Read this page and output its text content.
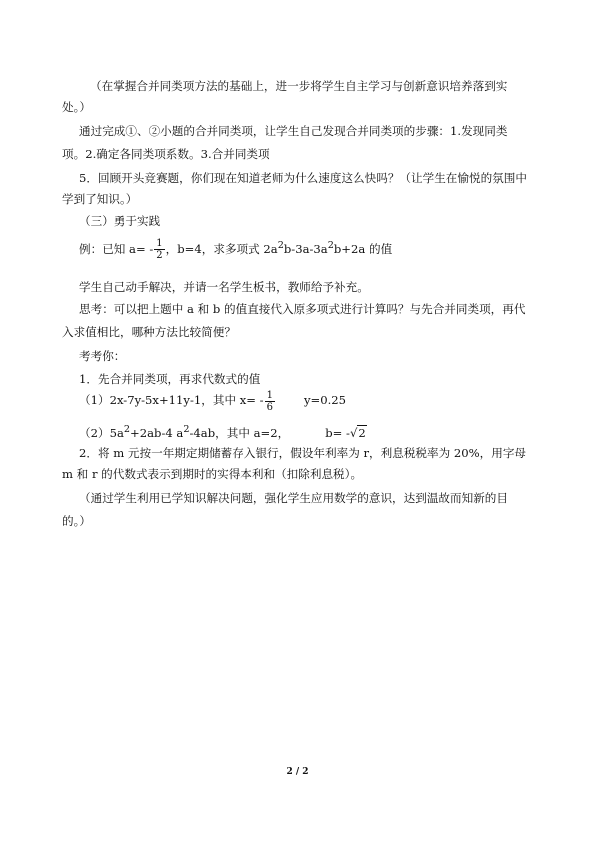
（在掌握合并同类项方法的基础上，进一步将学生自主学习与创新意识培养落到实
处。）
通过完成①、②小题的合并同类项，让学生自己发现合并同类项的步骤：1.发现同类
项。2.确定各同类项系数。3.合并同类项
5．回顾开头竞赛题，你们现在知道老师为什么速度这么快吗？（让学生在愉悦的氛围中
学到了知识。）
（三）勇于实践
例：已知 $a= - \frac{1}{2}$ ，b=4，求多项式 $2a^2b-3a-3a^2b+2a$ 的值
学生自己动手解决，并请一名学生板书，教师给予补充。
思考：可以把上题中 a 和 b 的值直接代入原多项式进行计算吗？与先合并同类项，再代
入求值相比，哪种方法比较简便？
考考你：
1．先合并同类项，再求代数式的值
（1）2x-7y-5x+11y-1，其中 $x= - \frac{1}{6}$	y=0.25
$(2)5a^2+2ab-4$ $a^2-4ab$，其中 a=2，	b= -√2
2．将 m 元按一年期定期储蓄存入银行，假设年利率为 r，利息税税率为 20%，用字母
m 和 r 的代数式表示到期时的实得本利和（扣除利息税）。
（通过学生利用已学知识解决问题，强化学生应用数学的意识，达到温故而知新的目
的。）
2 / 2
